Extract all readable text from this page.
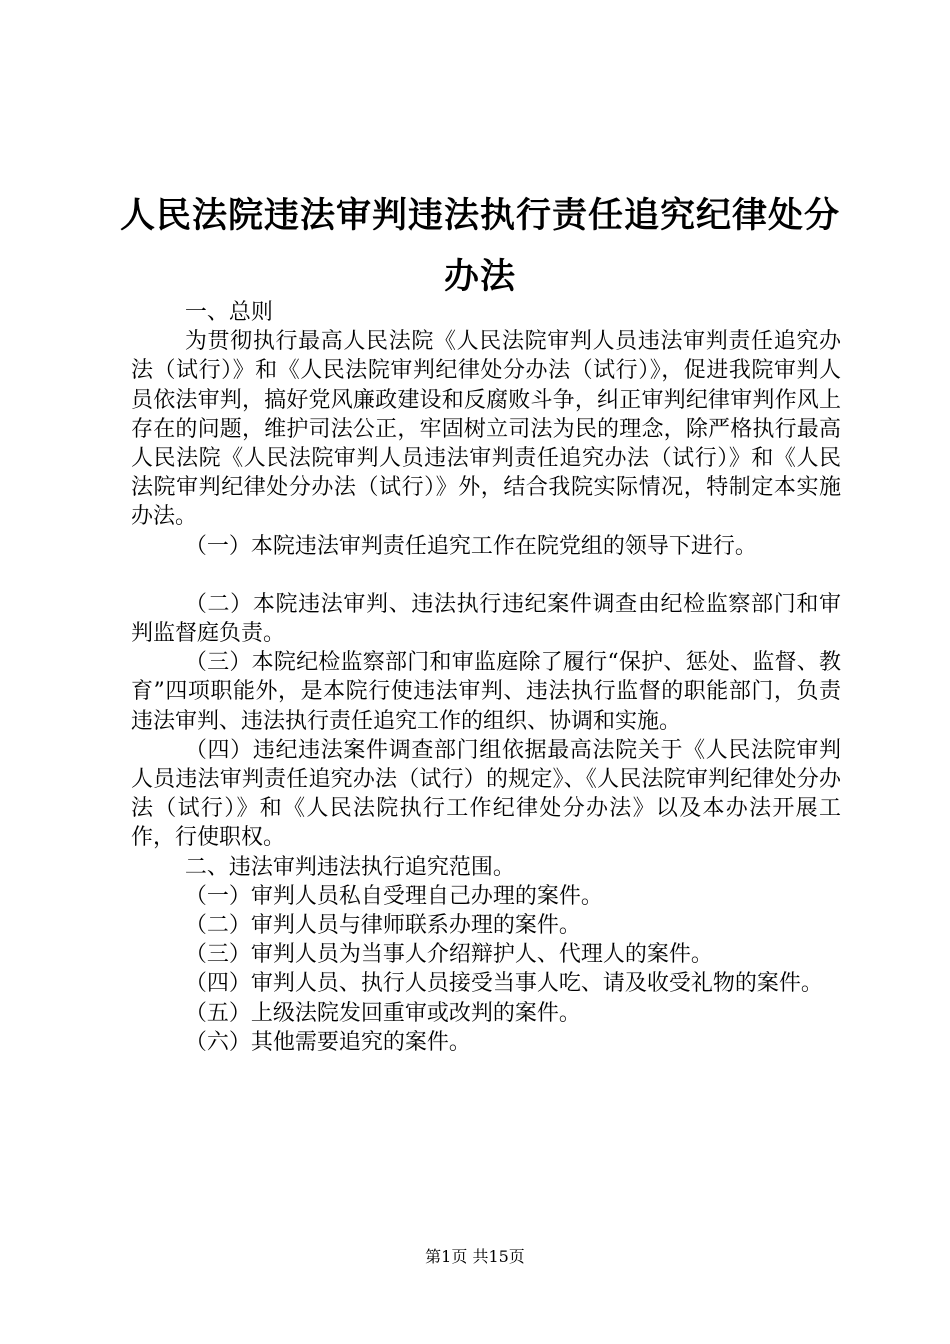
人民法院违法审判违法执行责任追究纪律处分
办法

一、总则

为贯彻执行最高人民法院《人民法院审判人员违法审判责任追究办法（试行）》和《人民法院审判纪律处分办法（试行）》，促进我院审判人员依法审判，搞好党风廉政建设和反腐败斗争，纠正审判纪律审判作风上存在的问题，维护司法公正，牢固树立司法为民的理念，除严格执行最高人民法院《人民法院审判人员违法审判责任追究办法（试行）》和《人民法院审判纪律处分办法（试行）》外，结合我院实际情况，特制定本实施办法。

（一）本院违法审判责任追究工作在院党组的领导下进行。

（二）本院违法审判、违法执行违纪案件调查由纪检监察部门和审判监督庭负责。

（三）本院纪检监察部门和审监庭除了履行“保护、惩处、监督、教育”四项职能外，是本院行使违法审判、违法执行监督的职能部门，负责违法审判、违法执行责任追究工作的组织、协调和实施。

（四）违纪违法案件调查部门组依据最高法院关于《人民法院审判人员违法审判责任追究办法（试行）的规定》、《人民法院审判纪律处分办法（试行）》和《人民法院执行工作纪律处分办法》以及本办法开展工作，行使职权。

二、违法审判违法执行追究范围。

（一）审判人员私自受理自己办理的案件。

（二）审判人员与律师联系办理的案件。

（三）审判人员为当事人介绍辩护人、代理人的案件。

（四）审判人员、执行人员接受当事人吃、请及收受礼物的案件。

（五）上级法院发回重审或改判的案件。

（六）其他需要追究的案件。

第1页 共15页
